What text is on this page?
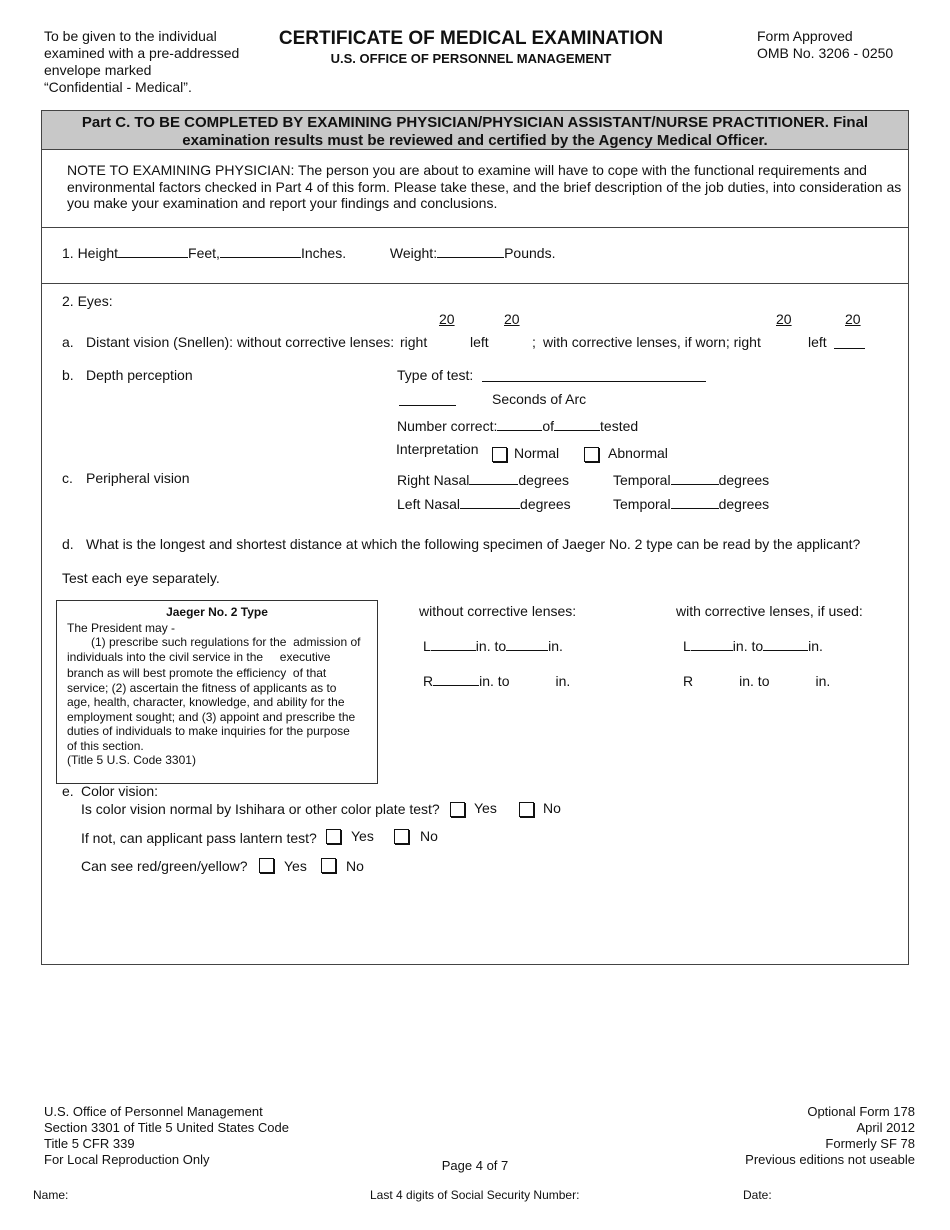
To be given to the individual
examined with a pre-addressed
envelope marked
“Confidential - Medical”.
CERTIFICATE OF MEDICAL EXAMINATION
U.S. OFFICE OF PERSONNEL MANAGEMENT
Form Approved
OMB No. 3206 - 0250
Part C. TO BE COMPLETED BY EXAMINING PHYSICIAN/PHYSICIAN ASSISTANT/NURSE PRACTITIONER. Final
examination results must be reviewed and certified by the Agency Medical Officer.
NOTE TO EXAMINING PHYSICIAN: The person you are about to examine will have to cope with the functional requirements and
environmental factors checked in Part 4 of this form. Please take these, and the brief description of the job duties, into consideration as
you make your examination and report your findings and conclusions.
1. Height	Feet,	Inches.	Weight:	Pounds.
2. Eyes:
20	20	20	20
a. Distant vision (Snellen): without corrective lenses: right	left	; with corrective lenses, if worn; right	left
b. Depth perception	Type of test:
Seconds of Arc
Number correct:	of	tested
Interpretation	Normal	Abnormal
c. Peripheral vision	Right Nasal	degrees	Temporal	degrees
Left Nasal	degrees	Temporal	degrees
d. What is the longest and shortest distance at which the following specimen of Jaeger No. 2 type can be read by the applicant?
Test each eye separately.

Jaeger No. 2 Type

The President may -

(1) prescribe such regulations for the  admission of

individuals into the civil service in the     executive

branch as will best promote the efficiency  of that

service; (2) ascertain the fitness of applicants as to

age, health, character, knowledge, and ability for the

employment sought; and (3) appoint and prescribe the

duties of individuals to make inquiries for the purpose

of this section.

(Title 5 U.S. Code 3301)

without corrective lenses:	with corrective lenses, if used:
L	in. to	in.	L	in. to	in.
R	in. to	in.	R	in. to	in.
e. Color vision:
Is color vision normal by Ishihara or other color plate test? Yes	No
If not, can applicant pass lantern test? Yes	No
Can see red/green/yellow?	Yes	No
U.S. Office of Personnel Management
Section 3301 of Title 5 United States Code
Title 5 CFR 339
For Local Reproduction Only	Page 4 of 7
Optional Form 178
April 2012
Formerly SF 78
Previous editions not useable
Name:	Last 4 digits of Social Security Number:	Date:
